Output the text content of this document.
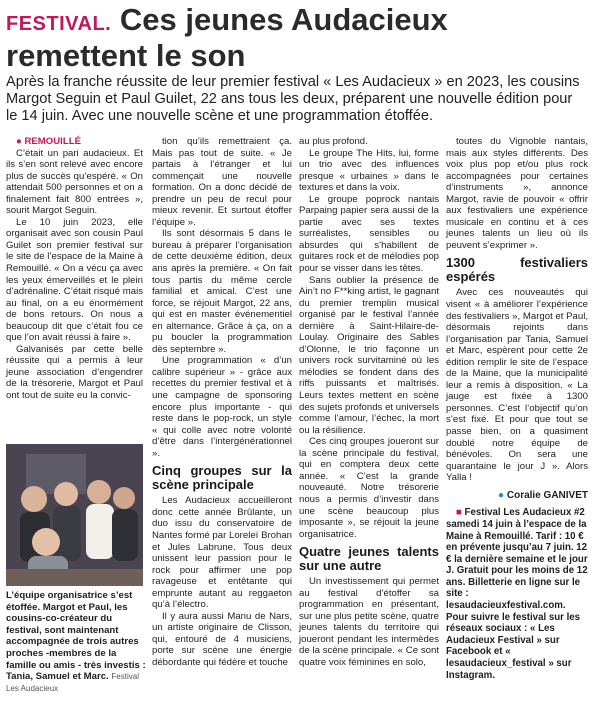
FESTIVAL. Ces jeunes Audacieux
remettent le son
Après la franche réussite de leur premier festival « Les Audacieux » en 2023, les cousins Margot Seguin et Paul Guilet, 22 ans tous les deux, préparent une nouvelle édition pour le 14 juin. Avec une nouvelle scène et une programmation étoffée.

● REMOUILLÉ

C’était un pari audacieux. Et ils s’en sont relevé avec encore plus de succès qu’espéré. « On attendait 500 personnes et on a finalement fait 800 entrées », sourit Margot Seguin.

Le 10 juin 2023, elle organisait avec son cousin Paul Guilet son premier festival sur le site de l’espace de la Maine à Remouillé. « On a vécu ça avec les yeux émerveillés et le plein d’adrénaline. C’était risqué mais au final, on a eu énormément de bons retours. On nous a beaucoup dit que c’était fou ce que l’on avait réussi à faire ».

Galvanisés par cette belle réussite qui a permis à leur jeune association d’engendrer de la trésorerie, Margot et Paul ont tout de suite eu la convic-

L’équipe organisatrice s’est étoffée. Margot et Paul, les cousins-co-créateur du festival, sont maintenant accompagnée de trois autres proches -membres de la famille ou amis - très investis : Tania, Samuel et Marc. Festival Les Audacieux

tion qu’ils remettraient ça. Mais pas tout de suite. « Je partais à l’étranger et lui commençait une nouvelle formation. On a donc décidé de prendre un peu de recul pour mieux revenir. Et surtout étoffer l’équipe ».

Ils sont désormais 5 dans le bureau à préparer l’organisation de cette deuxième édition, deux ans après la première. « On fait tous partis du même cercle familial et amical. C’est une force, se réjouit Margot, 22 ans, qui est en master événementiel en alternance. Grâce à ça, on a pu boucler la programmation dès septembre ».

Une programmation « d’un calibre supérieur » - grâce aux recettes du premier festival et à une campagne de sponsoring encore plus importante - qui reste dans le pop-rock, un style « qui colle avec notre volonté d’être dans l’intergénérationnel ».

Cinq groupes sur la scène principale

Les Audacieux accueilleront donc cette année Brûlante, un duo issu du conservatoire de Nantes formé par Loreleï Brohan et Jules Labrune. Tous deux unissent leur passion pour le rock pour affirmer une pop ravageuse et entêtante qui emprunte autant au reggaeton qu’à l’électro.

Il y aura aussi Manu de Nars, un artiste originaire de Clisson, qui, entouré de 4 musiciens, porte sur scène une énergie débordante qui fédère et touche

au plus profond.

Le groupe The Hits, lui, forme un trio avec des influences presque « urbaines » dans le textures et dans la voix.

Le groupe poprock nantais Parpaing papier sera aussi de la partie avec ses textes surréalistes, sensibles ou absurdes qui s’habillent de guitares rock et de mélodies pop pour se visser dans les têtes.

Sans oublier la présence de Ain’t no F**king artist, le gagnant du premier tremplin musical organisé par le festival l’année dernière à Saint-Hilaire-de-Loulay. Originaire des Sables d’Olonne, le trio façonne un univers rock survitaminé où les mélodies se fondent dans des riffs puissants et maîtrisés. Leurs textes mettent en scène des sujets profonds et universels comme l’amour, l’échec, la mort ou la résilience.

Ces cinq groupes joueront sur la scène principale du festival, qui en comptera deux cette année. « C’est la grande nouveauté. Notre trésorerie nous a permis d’investir dans une scène beaucoup plus imposante », se réjouit la jeune organisatrice.

Quatre jeunes talents sur une autre

Un investissement qui permet au festival d’étoffer sa programmation en présentant, sur une plus petite scène, quatre jeunes talents du territoire qui joueront pendant les intermèdes de la scène principale. « Ce sont quatre voix féminines en solo,

toutes du Vignoble nantais, mais aux styles différents. Des voix plus pop et/ou plus rock accompagnées pour certaines d’instruments », annonce Margot, ravie de pouvoir « offrir aux festivaliers une expérience musicale en continu et à ces jeunes talents un lieu où ils peuvent s’exprimer ».

1300 festivaliers espérés

Avec ces nouveautés qui visent « à améliorer l’expérience des festivaliers », Margot et Paul, désormais rejoints dans l’organisation par Tania, Samuel et Marc, espèrent pour cette 2e édition remplir le site de l’espace de la Maine, que la municipalité leur a remis à disposition. « La jauge est fixée à 1300 personnes. C’est l’objectif qu’on s’est fixé. Et pour que tout se passe bien, on a quasiment doublé notre équipe de bénévoles. On sera une quarantaine le jour J ». Alors Yalla !

● Coralie GANIVET

■ Festival Les Audacieux #2 samedi 14 juin à l’espace de la Maine à Remouillé. Tarif : 10 € en prévente jusqu’au 7 juin. 12 € la dernière semaine et le jour J. Gratuit pour les moins de 12 ans. Billetterie en ligne sur le site : lesaudacieuxfestival.com. Pour suivre le festival sur les réseaux sociaux : « Les Audacieux Festival » sur Facebook et « lesaudacieux_festival » sur Instagram.
